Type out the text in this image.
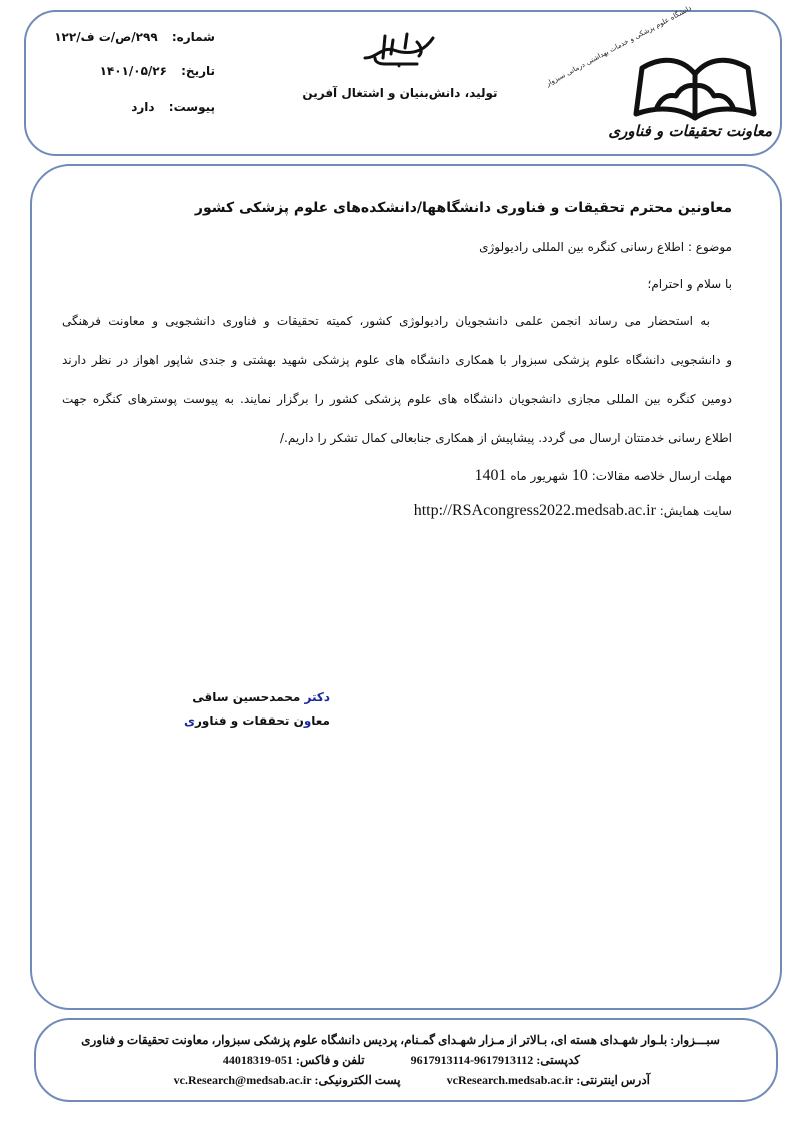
شماره: ۲۹۹/ص/ت ف/۱۲۲
تاریخ: ۱۴۰۱/۰۵/۲۶
پیوست: دارد
تولید، دانش‌بنیان و اشتغال آفرین
دانشگاه علوم پزشکی و خدمات بهداشتی درمانی سبزوار
معاونت تحقیقات و فناوری
معاونین محترم تحقیقات و فناوری دانشگاهها/دانشکده‌های علوم پزشکی کشور
موضوع : اطلاع رسانی کنگره بین المللی رادیولوژی
با سلام و احترام؛
به استحضار می رساند انجمن علمی دانشجویان رادیولوژی کشور، کمیته تحقیقات و فناوری دانشجویی و معاونت فرهنگی
و دانشجویی دانشگاه علوم پزشکی سبزوار با همکاری دانشگاه های علوم پزشکی شهید بهشتی و جندی شاپور اهواز در نظر دارند
دومین کنگره بین المللی مجازی دانشجویان دانشگاه های علوم پزشکی کشور را برگزار نمایند. به پیوست پوسترهای کنگره جهت
اطلاع رسانی خدمتتان ارسال می گردد. پیشاپیش از همکاری جنابعالی کمال تشکر را داریم./
مهلت ارسال خلاصه مقالات: 10 شهریور ماه 1401
سایت همایش: http://RSAcongress2022.medsab.ac.ir
دکتر محمدحسین ساقی
معاون تحققات و فناوری
سبـــزوار: بلـوار شهـدای هسته ای، بـالاتر از مـزار شهـدای گمـنام، پردیس دانشگاه علوم پزشکی سبزوار، معاونت تحقیقات و فناوری
کدپستی: 9617913112-9617913114  تلفن و فاکس: 051-44018319
آدرس اینترنتی: vcResearch.medsab.ac.ir  پست الکترونیکی: vc.Research@medsab.ac.ir
